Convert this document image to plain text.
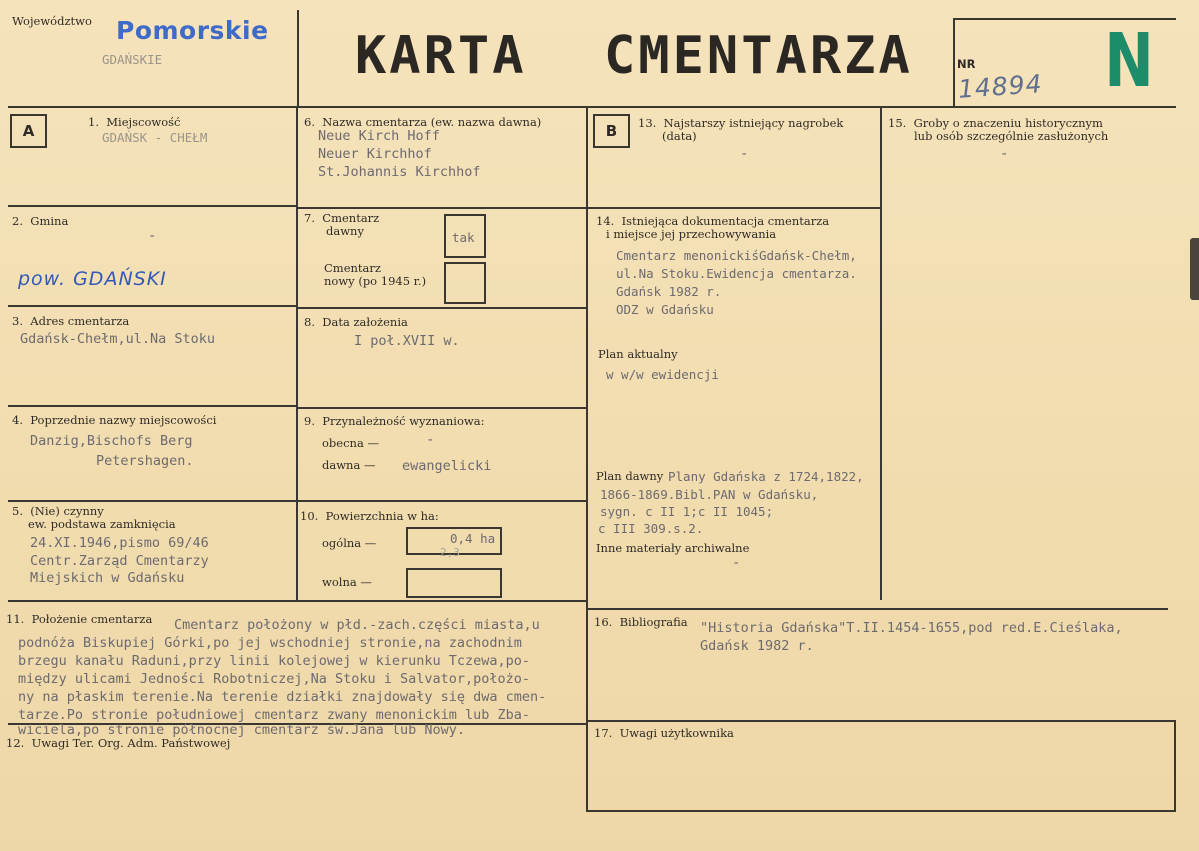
Województwo Pomorskie
GDAŃSKIE	KARTA CMENTARZA	NR
14894 N
A	B
1.  Miejscowość
GDAŃSK - CHEŁM
2.  Gmina
-
pow. GDAŃSKI
3.  Adres cmentarza
Gdańsk-Chełm,ul.Na Stoku
4.  Poprzednie nazwy miejscowości
Danzig,Bischofs Berg
Petershagen.
5.  (Nie) czynny
ew. podstawa zamknięcia
24.XI.1946,pismo 69/46
Centr.Zarząd Cmentarzy
Miejskich w Gdańsku
6.  Nazwa cmentarza (ew. nazwa dawna)
Neue Kirch Hoff
Neuer Kirchhof
St.Johannis Kirchhof
7.  Cmentarz
dawny	tak
Cmentarz
nowy (po 1945 r.)
8.  Data założenia
I poł.XVII w.
9.  Przynależność wyznaniowa:
obecna —	-
dawna — ewangelicki
10.  Powierzchnia w ha:
ogólna —	0,4 ha
2,3
wolna —
11.  Położenie cmentarza Cmentarz położony w płd.-zach.części miasta,u
podnóża Biskupiej Górki,po jej wschodniej stronie,na zachodnim
brzegu kanału Raduni,przy linii kolejowej w kierunku Tczewa,po-
między ulicami Jedności Robotniczej,Na Stoku i Salvator,położo-
ny na płaskim terenie.Na terenie działki znajdowały się dwa cmen-
tarze.Po stronie południowej cmentarz zwany menonickim lub Zba-
wiciela,po stronie północnej cmentarz św.Jana lub Nowy.
12.  Uwagi Ter. Org. Adm. Państwowej
13.  Najstarszy istniejący nagrobek
(data)
-
14.  Istniejąca dokumentacja cmentarza
i miejsce jej przechowywania
Cmentarz menonickiśGdańsk-Chełm,
ul.Na Stoku.Ewidencja cmentarza.
Gdańsk 1982 r.
ODZ w Gdańsku
Plan aktualny
w w/w ewidencji
Plan dawny Plany Gdańska z 1724,1822,
1866-1869.Bibl.PAN w Gdańsku,
sygn. c II 1;c II 1045;
c III 309.s.2.
Inne materiały archiwalne
-
15.  Groby o znaczeniu historycznym
lub osób szczególnie zasłużonych
-
16.  Bibliografia "Historia Gdańska"T.II.1454-1655,pod red.E.Cieślaka,
Gdańsk 1982 r.
17.  Uwagi użytkownika
